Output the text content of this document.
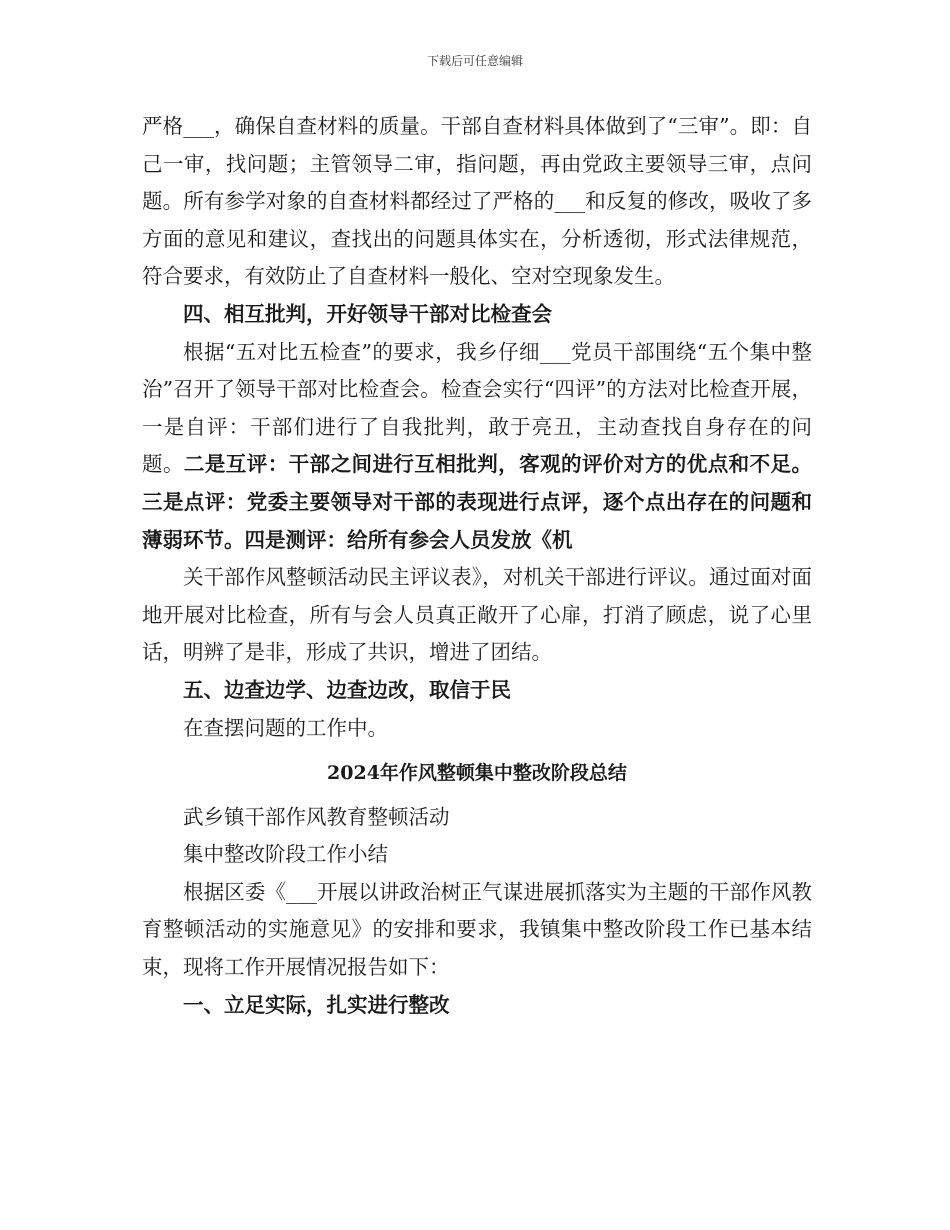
下载后可任意编辑

严格___，确保自查材料的质量。干部自查材料具体做到了“三审”。即：自己一审，找问题；主管领导二审，指问题，再由党政主要领导三审，点问题。所有参学对象的自查材料都经过了严格的___和反复的修改，吸收了多方面的意见和建议，查找出的问题具体实在，分析透彻，形式法律规范，符合要求，有效防止了自查材料一般化、空对空现象发生。

四、相互批判，开好领导干部对比检查会

根据“五对比五检查”的要求，我乡仔细___党员干部围绕“五个集中整治”召开了领导干部对比检查会。检查会实行“四评”的方法对比检查开展，一是自评：干部们进行了自我批判，敢于亮丑，主动查找自身存在的问题。二是互评：干部之间进行互相批判，客观的评价对方的优点和不足。三是点评：党委主要领导对干部的表现进行点评，逐个点出存在的问题和薄弱环节。四是测评：给所有参会人员发放《机

关干部作风整顿活动民主评议表》，对机关干部进行评议。通过面对面地开展对比检查，所有与会人员真正敞开了心扉，打消了顾虑，说了心里话，明辨了是非，形成了共识，增进了团结。

五、边查边学、边查边改，取信于民

在查摆问题的工作中。

2024年作风整顿集中整改阶段总结

武乡镇干部作风教育整顿活动

集中整改阶段工作小结

根据区委《___开展以讲政治树正气谋进展抓落实为主题的干部作风教育整顿活动的实施意见》的安排和要求，我镇集中整改阶段工作已基本结束，现将工作开展情况报告如下：

一、立足实际，扎实进行整改
